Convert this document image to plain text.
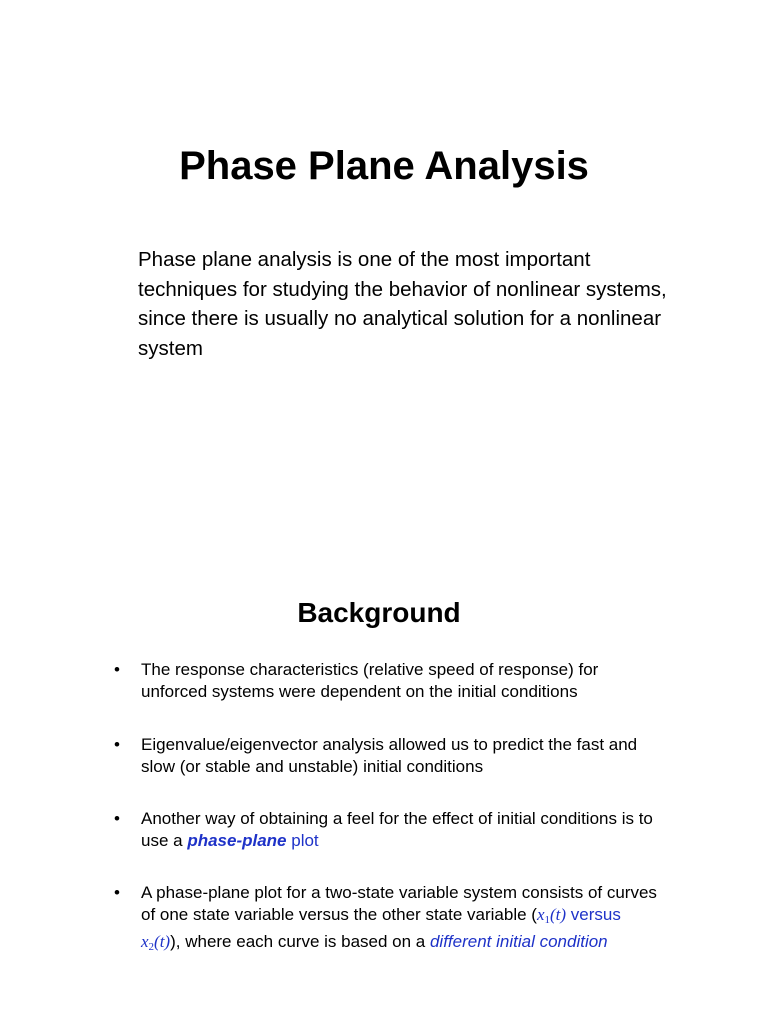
Phase Plane Analysis

Phase plane analysis is one of the most important techniques for studying the behavior of nonlinear systems, since there is usually no analytical solution for a nonlinear system

Background
•	The response characteristics (relative speed of response) for unforced systems were dependent on the initial conditions
•	Eigenvalue/eigenvector analysis allowed us to predict the fast and slow (or stable and unstable) initial conditions
•	Another way of obtaining a feel for the effect of initial conditions is to use a phase-plane plot
•	A phase-plane plot for a two-state variable system consists of curves of one state variable versus the other state variable ($x_1(t)$ versus $x_2(t)$), where each curve is based on a different initial condition
